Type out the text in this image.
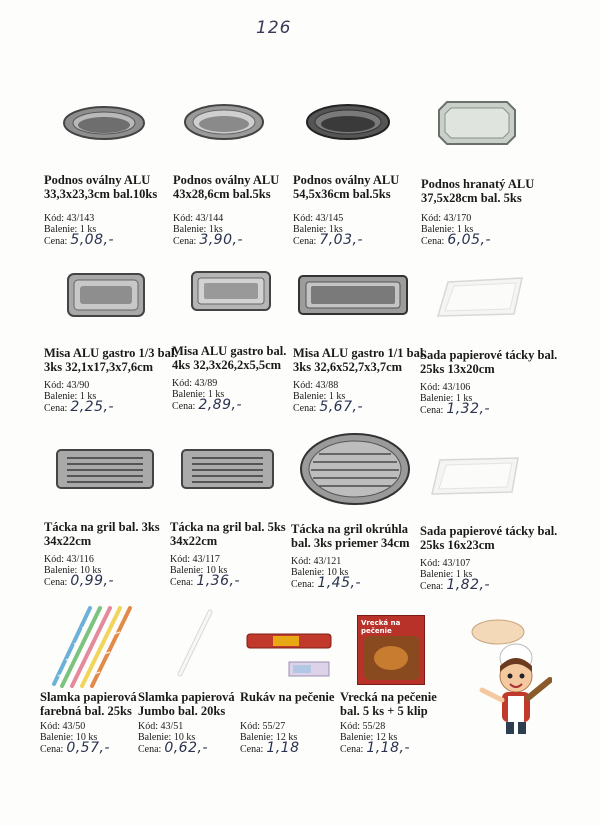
126
Vrecká na pečenie
Podnos oválny ALU
33,3x23,3cm bal.10ks
Kód: 43/143
Balenie: 1 ks
Cena: 5,08,-
Podnos oválny ALU
43x28,6cm bal.5ks
Kód: 43/144
Balenie: 1ks
Cena: 3,90,-
Podnos oválny ALU
54,5x36cm bal.5ks
Kód: 43/145
Balenie: 1ks
Cena: 7,03,-
Podnos hranatý ALU
37,5x28cm bal. 5ks
Kód: 43/170
Balenie: 1 ks
Cena: 6,05,-
Misa ALU gastro 1/3 bal.
3ks 32,1x17,3x7,6cm
Kód: 43/90
Balenie: 1 ks
Cena: 2,25,-
Misa ALU gastro bal.
4ks 32,3x26,2x5,5cm
Kód: 43/89
Balenie: 1 ks
Cena: 2,89,-
Misa ALU gastro 1/1 bal.
3ks 32,6x52,7x3,7cm
Kód: 43/88
Balenie: 1 ks
Cena: 5,67,-
Sada papierové tácky bal.
25ks 13x20cm
Kód: 43/106
Balenie: 1 ks
Cena: 1,32,-
Tácka na gril bal. 3ks
34x22cm
Kód: 43/116
Balenie: 10 ks
Cena: 0,99,-
Tácka na gril bal. 5ks
34x22cm
Kód: 43/117
Balenie: 10 ks
Cena: 1,36,-
Tácka na gril okrúhla
bal. 3ks priemer 34cm
Kód: 43/121
Balenie: 10 ks
Cena: 1,45,-
Sada papierové tácky bal.
25ks 16x23cm
Kód: 43/107
Balenie: 1 ks
Cena: 1,82,-
Slamka papierová
farebná bal. 25ks
Kód: 43/50
Balenie: 10 ks
Cena: 0,57,-
Slamka papierová
Jumbo bal. 20ks
Kód: 43/51
Balenie: 10 ks
Cena: 0,62,-
Rukáv na pečenie
Kód: 55/27
Balenie: 12 ks
Cena: 1,18
Vrecká na pečenie
bal. 5 ks + 5 klip
Kód: 55/28
Balenie: 12 ks
Cena: 1,18,-
